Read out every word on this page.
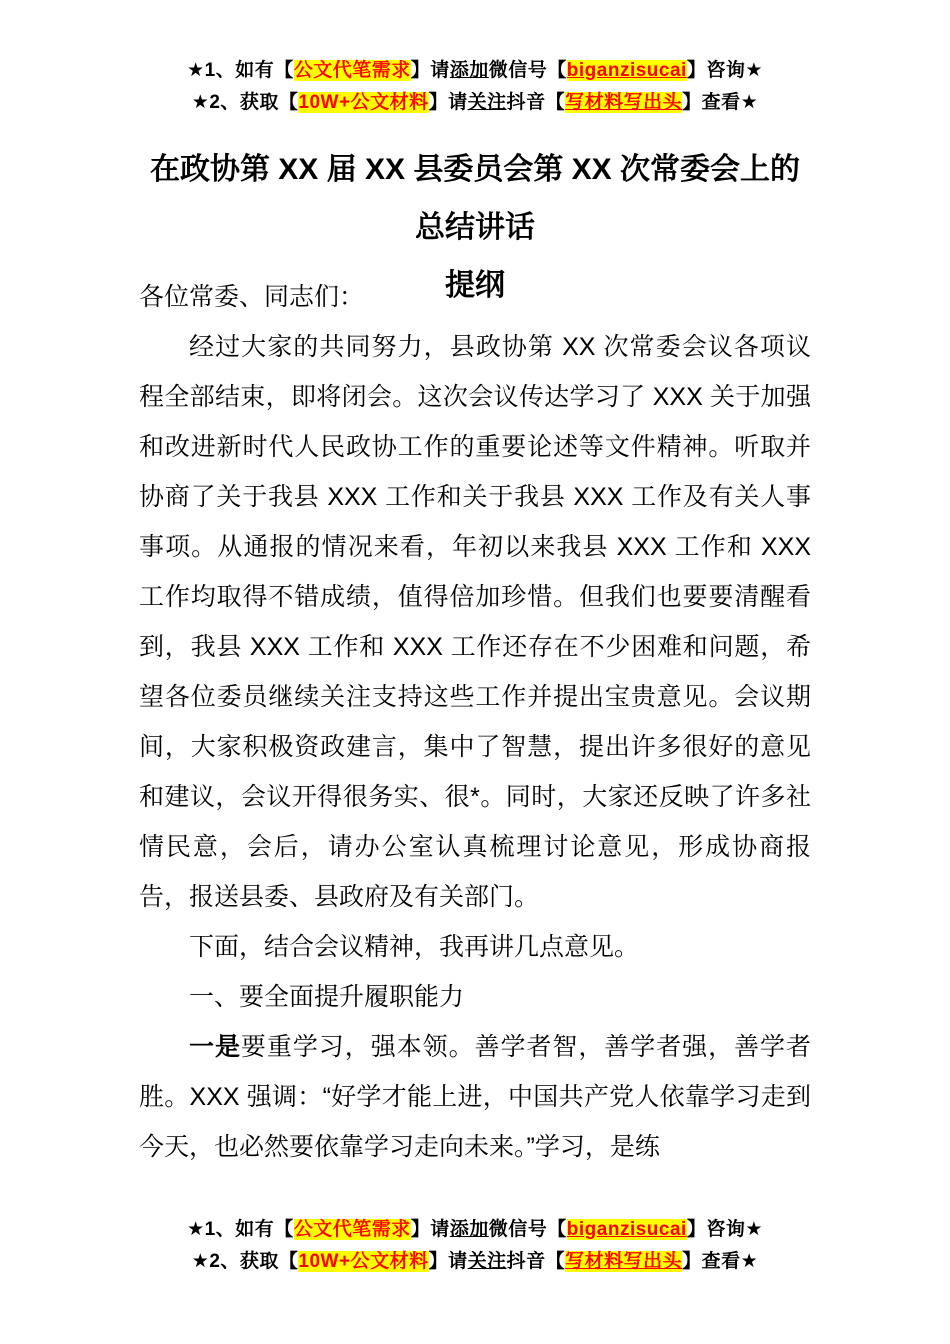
★1、如有【公文代笔需求】请添加微信号【biganzisucai】咨询★
★2、获取【10W+公文材料】请关注抖音【写材料写出头】查看★
在政协第 XX 届 XX 县委员会第 XX 次常委会上的总结讲话
提纲

各位常委、同志们：

经过大家的共同努力，县政协第 XX 次常委会议各项议程全部结束，即将闭会。这次会议传达学习了 XXX 关于加强和改进新时代人民政协工作的重要论述等文件精神。听取并协商了关于我县 XXX 工作和关于我县 XXX 工作及有关人事事项。从通报的情况来看，年初以来我县 XXX 工作和 XXX 工作均取得不错成绩，值得倍加珍惜。但我们也要要清醒看到，我县 XXX 工作和 XXX 工作还存在不少困难和问题，希望各位委员继续关注支持这些工作并提出宝贵意见。会议期间，大家积极资政建言，集中了智慧，提出许多很好的意见和建议，会议开得很务实、很*。同时，大家还反映了许多社情民意，会后，请办公室认真梳理讨论意见，形成协商报告，报送县委、县政府及有关部门。

下面，结合会议精神，我再讲几点意见。

一、要全面提升履职能力

一是要重学习，强本领。善学者智，善学者强，善学者胜。XXX 强调：“好学才能上进，中国共产党人依靠学习走到今天，也必然要依靠学习走向未来。”学习，是练

★1、如有【公文代笔需求】请添加微信号【biganzisucai】咨询★
★2、获取【10W+公文材料】请关注抖音【写材料写出头】查看★
